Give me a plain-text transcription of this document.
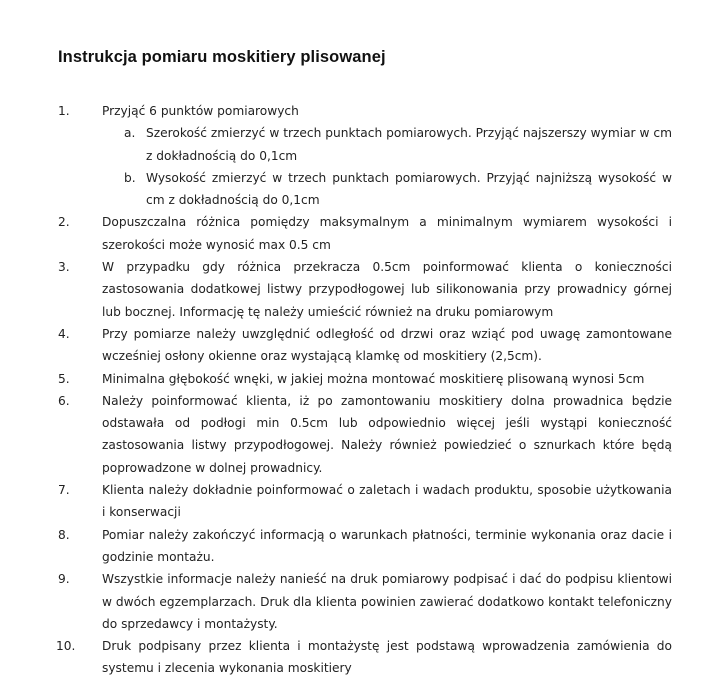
Instrukcja pomiaru moskitiery plisowanej
1.	Przyjąć 6 punktów pomiarowych
a. Szerokość zmierzyć w trzech punktach pomiarowych. Przyjąć najszerszy wymiar w cm z dokładnością do 0,1cm
b. Wysokość zmierzyć w trzech punktach pomiarowych. Przyjąć najniższą wysokość w cm z dokładnością do 0,1cm
2.	Dopuszczalna różnica pomiędzy maksymalnym a minimalnym wymiarem wysokości i szerokości może wynosić max 0.5 cm
3.	W przypadku gdy różnica przekracza 0.5cm poinformować klienta o konieczności zastosowania dodatkowej listwy przypodłogowej lub silikonowania przy prowadnicy górnej lub bocznej. Informację tę należy umieścić również na druku pomiarowym
4.	Przy pomiarze należy uwzględnić odległość od drzwi oraz wziąć pod uwagę zamontowane wcześniej osłony okienne oraz wystającą klamkę od moskitiery (2,5cm).
5.	Minimalna głębokość wnęki, w jakiej można montować moskitierę plisowaną wynosi 5cm
6.	Należy poinformować klienta, iż po zamontowaniu moskitiery dolna prowadnica będzie odstawała od podłogi min 0.5cm lub odpowiednio więcej jeśli wystąpi konieczność zastosowania listwy przypodłogowej. Należy również powiedzieć o sznurkach które będą poprowadzone w dolnej prowadnicy.
7.	Klienta należy dokładnie poinformować o zaletach i wadach produktu, sposobie użytkowania i konserwacji
8.	Pomiar należy zakończyć informacją o warunkach płatności, terminie wykonania oraz dacie i godzinie montażu.
9.	Wszystkie informacje należy nanieść na druk pomiarowy podpisać i dać do podpisu klientowi w dwóch egzemplarzach. Druk dla klienta powinien zawierać dodatkowo kontakt telefoniczny do sprzedawcy i montażysty.
10.	Druk podpisany przez klienta i montażystę jest podstawą wprowadzenia zamówienia do systemu i zlecenia wykonania moskitiery
